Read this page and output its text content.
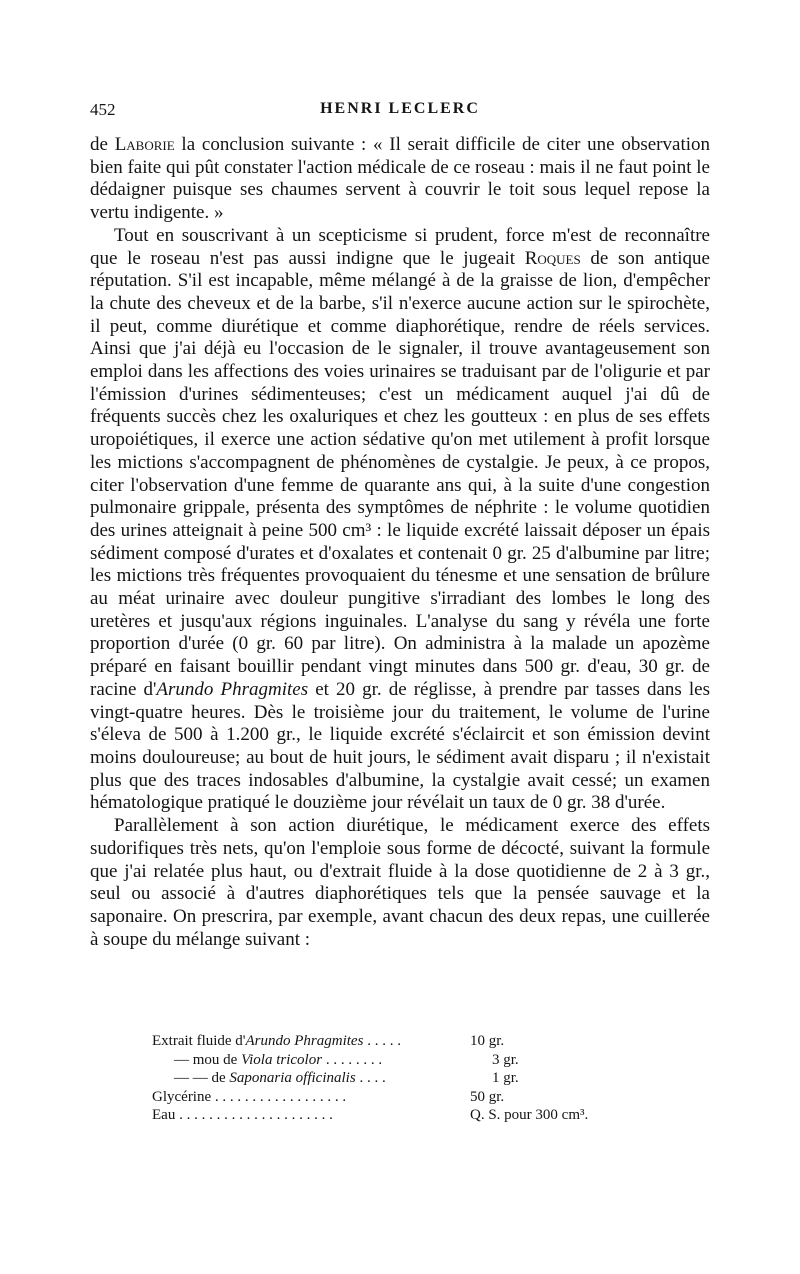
452	HENRI LECLERC

de Laborie la conclusion suivante : « Il serait difficile de citer une observation bien faite qui pût constater l'action médicale de ce roseau : mais il ne faut point le dédaigner puisque ses chaumes servent à couvrir le toit sous lequel repose la vertu indigente. »

Tout en souscrivant à un scepticisme si prudent, force m'est de reconnaître que le roseau n'est pas aussi indigne que le jugeait Roques de son antique réputation. S'il est incapable, même mélangé à de la graisse de lion, d'empêcher la chute des cheveux et de la barbe, s'il n'exerce aucune action sur le spirochète, il peut, comme diurétique et comme diaphorétique, rendre de réels services. Ainsi que j'ai déjà eu l'occasion de le signaler, il trouve avantageusement son emploi dans les affections des voies urinaires se traduisant par de l'oligurie et par l'émission d'urines sédimenteuses; c'est un médicament auquel j'ai dû de fréquents succès chez les oxaluriques et chez les goutteux : en plus de ses effets uropoiétiques, il exerce une action sédative qu'on met utilement à profit lorsque les mictions s'accompagnent de phénomènes de cystalgie. Je peux, à ce propos, citer l'observation d'une femme de quarante ans qui, à la suite d'une congestion pulmonaire grippale, présenta des symptômes de néphrite : le volume quotidien des urines atteignait à peine 500 cm³ : le liquide excrété laissait déposer un épais sédiment composé d'urates et d'oxalates et contenait 0 gr. 25 d'albumine par litre; les mictions très fréquentes provoquaient du ténesme et une sensation de brûlure au méat urinaire avec douleur pungitive s'irradiant des lombes le long des uretères et jusqu'aux régions inguinales. L'analyse du sang y révéla une forte proportion d'urée (0 gr. 60 par litre). On administra à la malade un apozème préparé en faisant bouillir pendant vingt minutes dans 500 gr. d'eau, 30 gr. de racine d'Arundo Phragmites et 20 gr. de réglisse, à prendre par tasses dans les vingt-quatre heures. Dès le troisième jour du traitement, le volume de l'urine s'éleva de 500 à 1.200 gr., le liquide excrété s'éclaircit et son émission devint moins douloureuse; au bout de huit jours, le sédiment avait disparu ; il n'existait plus que des traces indosables d'albumine, la cystalgie avait cessé; un examen hématologique pratiqué le douzième jour révélait un taux de 0 gr. 38 d'urée.

Parallèlement à son action diurétique, le médicament exerce des effets sudorifiques très nets, qu'on l'emploie sous forme de décocté, suivant la formule que j'ai relatée plus haut, ou d'extrait fluide à la dose quotidienne de 2 à 3 gr., seul ou associé à d'autres diaphorétiques tels que la pensée sauvage et la saponaire. On prescrira, par exemple, avant chacun des deux repas, une cuillerée à soupe du mélange suivant :

Extrait fluide d'Arundo Phragmites . . . . .	10 gr.
— mou de Viola tricolor . . . . . . . .	3 gr.
— — de Saponaria officinalis . . . .	1 gr.
Glycérine . . . . . . . . . . . . . . . . . .	50 gr.
Eau . . . . . . . . . . . . . . . . . . . . .	Q. S. pour 300 cm³.
